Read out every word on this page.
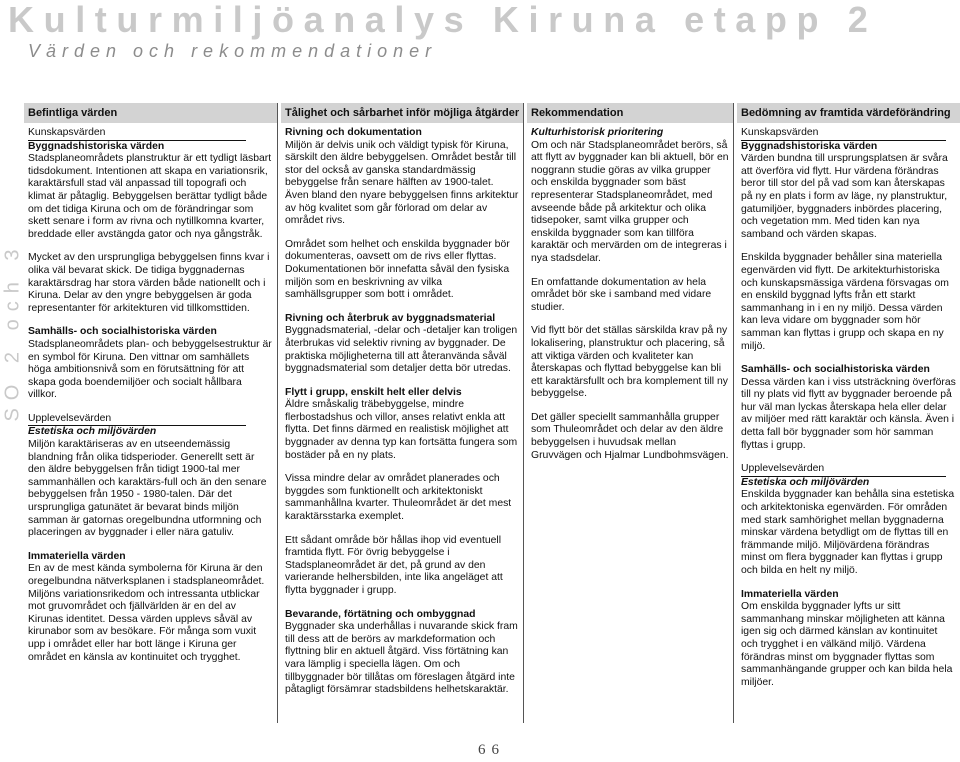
Kulturmiljöanalys Kiruna etapp 2
Värden och rekommendationer
SO 2 och 3
Befintliga värden	Tålighet och sårbarhet inför möjliga åtgärder	Rekommendation	Bedömning av framtida värdeförändring
Kunskapsvärden
Byggnadshistoriska värden

Stadsplaneområdets planstruktur är ett tydligt läsbart tidsdokument. Intentionen att skapa en variationsrik, karaktärsfull stad väl anpassad till topografi och klimat är påtaglig. Bebyggelsen berättar tydligt både om det tidiga Kiruna och om de förändringar som skett senare i form av rivna och nytillkomna kvarter, breddade eller avstängda gator och nya gångstråk.

Mycket av den ursprungliga bebyggelsen finns kvar i olika väl bevarat skick. De tidiga byggnadernas karaktärsdrag har stora värden både nationellt och i Kiruna. Delar av den yngre bebyggelsen är goda representanter för arkitekturen vid tillkomsttiden.

Samhälls- och socialhistoriska värden

Stadsplaneområdets plan- och bebyggelsestruktur är en symbol för Kiruna. Den vittnar om samhällets höga ambitionsnivå som en förutsättning för att skapa goda boendemiljöer och socialt hållbara villkor.

Upplevelsevärden
Estetiska och miljövärden

Miljön karaktäriseras av en utseendemässig blandning från olika tidsperioder. Generellt sett är den äldre bebyggelsen från tidigt 1900-tal mer sammanhällen och karaktärs-full och än den senare bebyggelsen från 1950 - 1980-talen. Där det ursprungliga gatunätet är bevarat binds miljön samman är gatornas oregelbundna utformning och placeringen av byggnader i eller nära gatuliv.

Immateriella värden

En av de mest kända symbolerna för Kiruna är den oregelbundna nätverksplanen i stadsplaneområdet. Miljöns variationsrikedom och intressanta utblickar mot gruvområdet och fjällvärlden är en del av Kirunas identitet. Dessa värden upplevs såväl av kirunabor som av besökare. För många som vuxit upp i området eller har bott länge i Kiruna ger området en känsla av kontinuitet och trygghet.

Rivning och dokumentation

Miljön är delvis unik och väldigt typisk för Kiruna, särskilt den äldre bebyggelsen. Området består till stor del också av ganska standardmässig bebyggelse från senare hälften av 1900-talet. Även bland den nyare bebyggelsen finns arkitektur av hög kvalitet som går förlorad om delar av området rivs.

Området som helhet och enskilda byggnader bör dokumenteras, oavsett om de rivs eller flyttas. Dokumentationen bör innefatta såväl den fysiska miljön som en beskrivning av vilka samhällsgrupper som bott i området.

Rivning och återbruk av byggnadsmaterial

Byggnadsmaterial, -delar och -detaljer kan troligen återbrukas vid selektiv rivning av byggnader. De praktiska möjligheterna till att återanvända såväl byggnadsmaterial som detaljer detta bör utredas.

Flytt i grupp, enskilt helt eller delvis

Äldre småskalig träbebyggelse, mindre flerbostadshus och villor, anses relativt enkla att flytta. Det finns därmed en realistisk möjlighet att byggnader av denna typ kan fortsätta fungera som bostäder på en ny plats.

Vissa mindre delar av området planerades och byggdes som funktionellt och arkitektoniskt sammanhållna kvarter. Thuleområdet är det mest karaktärsstarka exemplet.

Ett sådant område bör hållas ihop vid eventuell framtida flytt. För övrig bebyggelse i Stadsplaneområdet är det, på grund av den varierande helhersbilden, inte lika angeläget att flytta byggnader i grupp.

Bevarande, förtätning och ombyggnad

Byggnader ska underhållas i nuvarande skick fram till dess att de berörs av markdeformation och flyttning blir en aktuell åtgärd. Viss förtätning kan vara lämplig i speciella lägen. Om och tillbyggnader bör tillåtas om föreslagen åtgärd inte påtagligt försämrar stadsbildens helhetskaraktär.

Kulturhistorisk prioritering

Om och när Stadsplaneområdet berörs, så att flytt av byggnader kan bli aktuell, bör en noggrann studie göras av vilka grupper och enskilda byggnader som bäst representerar Stadsplaneområdet, med avseende både på arkitektur och olika tidsepoker, samt vilka grupper och enskilda byggnader som kan tillföra karaktär och mervärden om de integreras i nya stadsdelar.

En omfattande dokumentation av hela området bör ske i samband med vidare studier.

Vid flytt bör det ställas särskilda krav på ny lokalisering, planstruktur och placering, så att viktiga värden och kvaliteter kan återskapas och flyttad bebyggelse kan bli ett karaktärsfullt och bra komplement till ny bebyggelse.

Det gäller speciellt sammanhålla grupper som Thuleområdet och delar av den äldre bebyggelsen i huvudsak mellan Gruvvägen och Hjalmar Lundbohmsvägen.

Kunskapsvärden
Byggnadshistoriska värden

Värden bundna till ursprungsplatsen är svåra att överföra vid flytt. Hur värdena förändras beror till stor del på vad som kan återskapas på ny en plats i form av läge, ny planstruktur, gatumiljöer, byggnaders inbördes placering, och vegetation mm. Med tiden kan nya samband och värden skapas.

Enskilda byggnader behåller sina materiella egenvärden vid flytt. De arkitekturhistoriska och kunskapsmässiga värdena försvagas om en enskild byggnad lyfts från ett starkt sammanhang in i en ny miljö. Dessa värden kan leva vidare om byggnader som hör samman kan flyttas i grupp och skapa en ny miljö.

Samhälls- och socialhistoriska värden

Dessa värden kan i viss utsträckning överföras till ny plats vid flytt av byggnader beroende på hur väl man lyckas återskapa hela eller delar av miljöer med rätt karaktär och känsla. Även i detta fall bör byggnader som hör samman flyttas i grupp.

Upplevelsevärden
Estetiska och miljövärden

Enskilda byggnader kan behålla sina estetiska och arkitektoniska egenvärden. För områden med stark samhörighet mellan byggnaderna minskar värdena betydligt om de flyttas till en främmande miljö. Miljövärdena förändras minst om flera byggnader kan flyttas i grupp och bilda en helt ny miljö.

Immateriella värden

Om enskilda byggnader lyfts ur sitt sammanhang minskar möjligheten att känna igen sig och därmed känslan av kontinuitet och trygghet i en välkänd miljö. Värdena förändras minst om byggnader flyttas som sammanhängande grupper och kan bilda hela miljöer.

66
